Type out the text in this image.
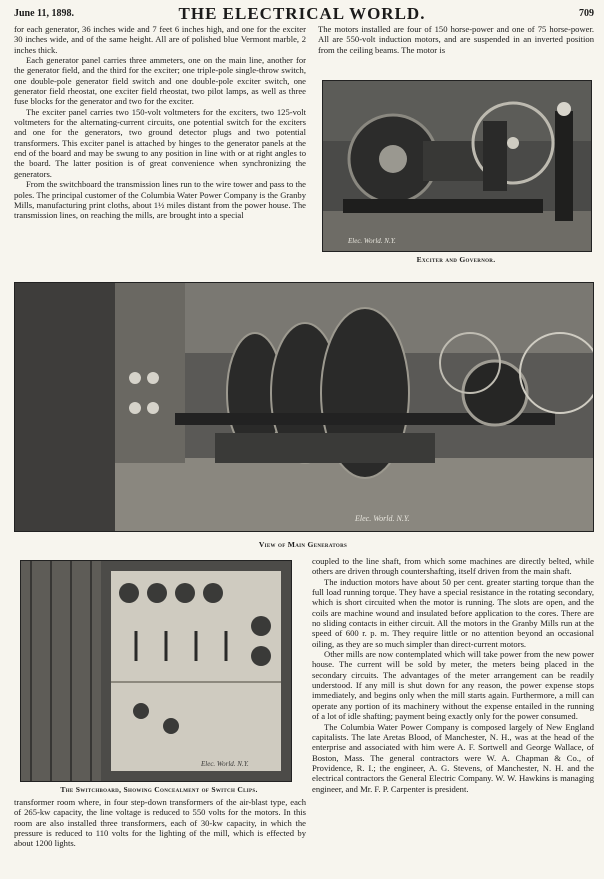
June 11, 1898.	THE ELECTRICAL WORLD.	709

for each generator, 36 inches wide and 7 feet 6 inches high, and one for the exciter 30 inches wide, and of the same height. All are of polished blue Vermont marble, 2 inches thick.

Each generator panel carries three ammeters, one on the main line, another for the generator field, and the third for the exciter; one triple-pole single-throw switch, one double-pole generator field switch and one double-pole exciter switch, one generator field rheostat, one exciter field rheostat, two pilot lamps, as well as three fuse blocks for the generator and two for the exciter.

The exciter panel carries two 150-volt voltmeters for the exciters, two 125-volt voltmeters for the alternating-current circuits, one potential switch for the exciters and one for the generators, two ground detector plugs and two potential transformers. This exciter panel is attached by hinges to the generator panels at the end of the board and may be swung to any position in line with or at right angles to the board. The latter position is of great convenience when synchronizing the generators.

From the switchboard the transmission lines run to the wire tower and pass to the poles. The principal customer of the Columbia Water Power Company is the Granby Mills, manufacturing print cloths, about 1½ miles distant from the power house. The transmission lines, on reaching the mills, are brought into a special

The motors installed are four of 150 horse-power and one of 75 horse-power. All are 550-volt induction motors, and are suspended in an inverted position from the ceiling beams. The motor is

Elec. World. N.Y.
Exciter and Governor.
Elec. World. N.Y.
View of Main Generators
Elec. World. N.Y.
The Switchboard, Showing Concealment of Switch Clips.

transformer room where, in four step-down transformers of the air-blast type, each of 265-kw capacity, the line voltage is reduced to 550 volts for the motors. In this room are also installed three transformers, each of 30-kw capacity, in which the pressure is reduced to 110 volts for the lighting of the mill, which is effected by about 1200 lights.

coupled to the line shaft, from which some machines are directly belted, while others are driven through countershafting, itself driven from the main shaft.

The induction motors have about 50 per cent. greater starting torque than the full load running torque. They have a special resistance in the rotating secondary, which is short circuited when the motor is running. The slots are open, and the coils are machine wound and insulated before application to the cores. There are no sliding contacts in either circuit. All the motors in the Granby Mills run at the speed of 600 r. p. m. They require little or no attention beyond an occasional oiling, as they are so much simpler than direct-current motors.

Other mills are now contemplated which will take power from the new power house. The current will be sold by meter, the meters being placed in the secondary circuits. The advantages of the meter arrangement can be readily understood. If any mill is shut down for any reason, the power expense stops immediately, and begins only when the mill starts again. Furthermore, a mill can operate any portion of its machinery without the expense entailed in the running of a lot of idle shafting; payment being exactly only for the power consumed.

The Columbia Water Power Company is composed largely of New England capitalists. The late Aretas Blood, of Manchester, N. H., was at the head of the enterprise and associated with him were A. F. Sortwell and George Wallace, of Boston, Mass. The general contractors were W. A. Chapman & Co., of Providence, R. I.; the engineer, A. G. Stevens, of Manchester, N. H. and the electrical contractors the General Electric Company. W. W. Hawkins is managing engineer, and Mr. F. P. Carpenter is president.
